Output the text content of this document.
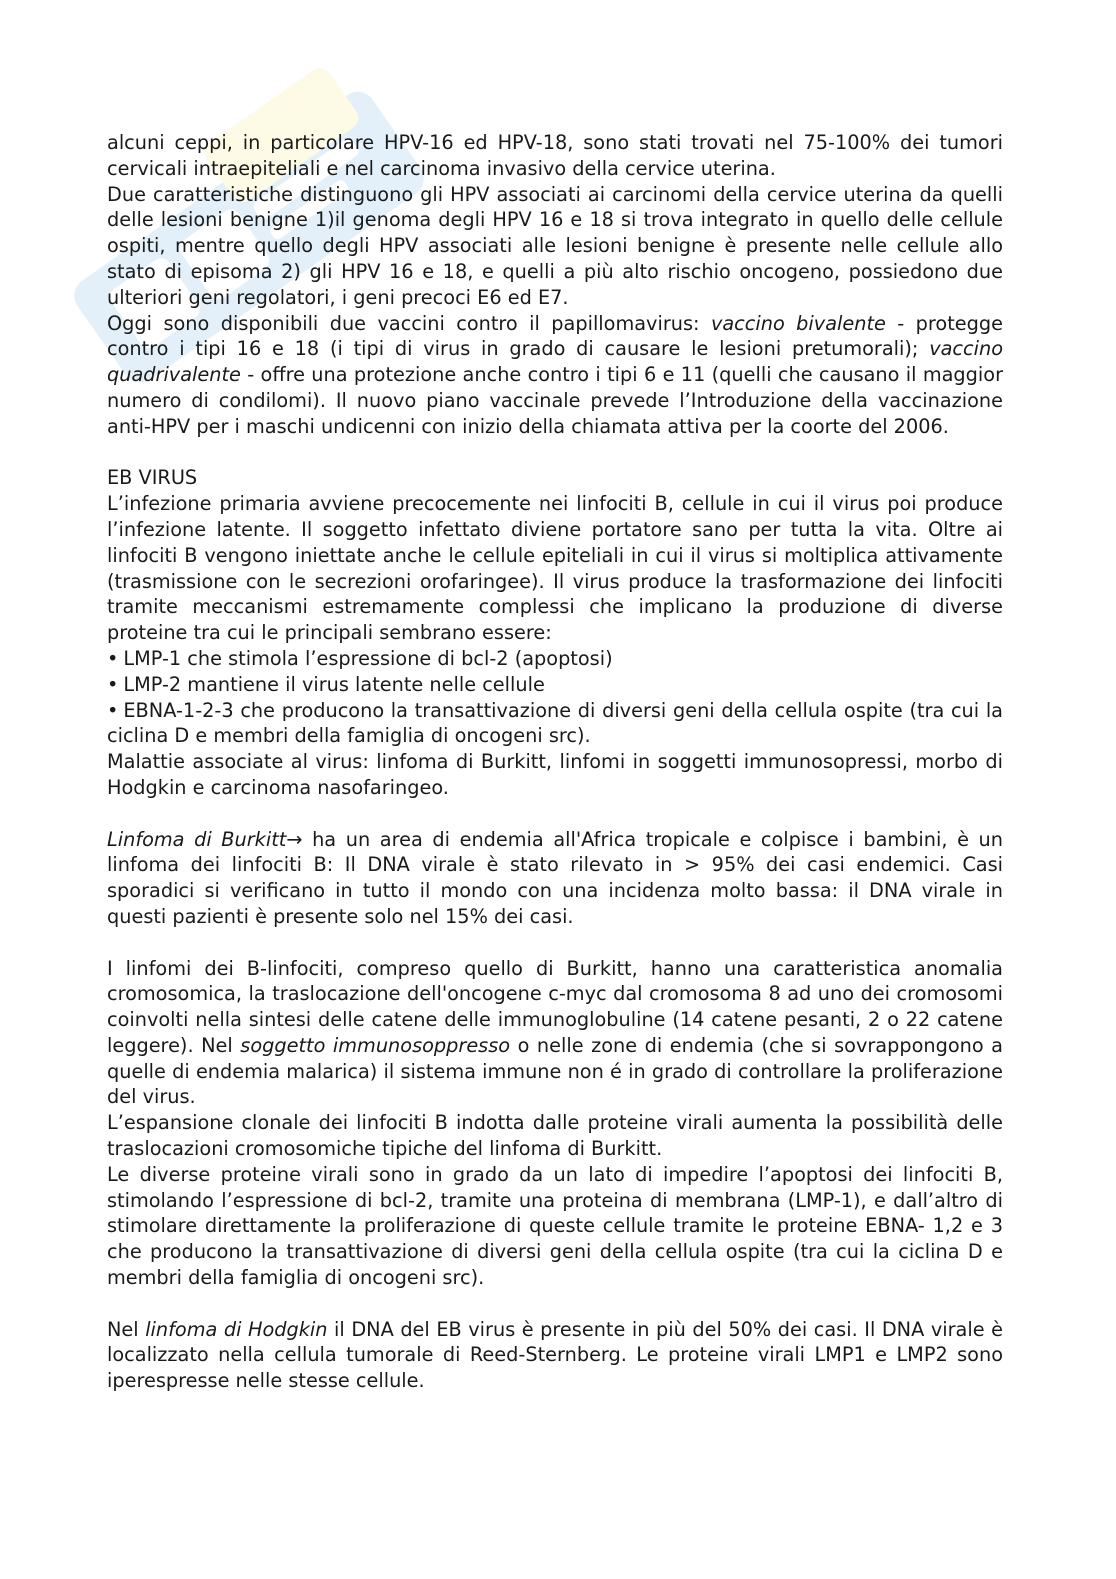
alcuni ceppi, in particolare HPV-16 ed HPV-18, sono stati trovati nel 75-100% dei tumori cervicali intraepiteliali e nel carcinoma invasivo della cervice uterina.

Due caratteristiche distinguono gli HPV associati ai carcinomi della cervice uterina da quelli delle lesioni benigne 1)il genoma degli HPV 16 e 18 si trova integrato in quello delle cellule ospiti, mentre quello degli HPV associati alle lesioni benigne è presente nelle cellule allo stato di episoma 2) gli HPV 16 e 18, e quelli a più alto rischio oncogeno, possiedono due ulteriori geni regolatori, i geni precoci E6 ed E7.

Oggi sono disponibili due vaccini contro il papillomavirus: vaccino bivalente - protegge contro i tipi 16 e 18 (i tipi di virus in grado di causare le lesioni pretumorali); vaccino quadrivalente - offre una protezione anche contro i tipi 6 e 11 (quelli che causano il maggior numero di condilomi). Il nuovo piano vaccinale prevede l’Introduzione della vaccinazione anti-HPV per i maschi undicenni con inizio della chiamata attiva per la coorte del 2006.

EB VIRUS

L’infezione primaria avviene precocemente nei linfociti B, cellule in cui il virus poi produce l’infezione latente. Il soggetto infettato diviene portatore sano per tutta la vita. Oltre ai linfociti B vengono iniettate anche le cellule epiteliali in cui il virus si moltiplica attivamente (trasmissione con le secrezioni orofaringee). Il virus produce la trasformazione dei linfociti tramite meccanismi estremamente complessi che implicano la produzione di diverse proteine tra cui le principali sembrano essere:

• LMP-1 che stimola l’espressione di bcl-2 (apoptosi)

• LMP-2 mantiene il virus latente nelle cellule

• EBNA-1-2-3 che producono la transattivazione di diversi geni della cellula ospite (tra cui la ciclina D e membri della famiglia di oncogeni src).

Malattie associate al virus: linfoma di Burkitt, linfomi in soggetti immunosopressi, morbo di Hodgkin e carcinoma nasofaringeo.

Linfoma di Burkitt→ ha un area di endemia all'Africa tropicale e colpisce i bambini, è un linfoma dei linfociti B: Il DNA virale è stato rilevato in > 95% dei casi endemici. Casi sporadici si verificano in tutto il mondo con una incidenza molto bassa: il DNA virale in questi pazienti è presente solo nel 15% dei casi.

I linfomi dei B-linfociti, compreso quello di Burkitt, hanno una caratteristica anomalia cromosomica, la traslocazione dell'oncogene c-myc dal cromosoma 8 ad uno dei cromosomi coinvolti nella sintesi delle catene delle immunoglobuline (14 catene pesanti, 2 o 22 catene leggere). Nel soggetto immunosoppresso o nelle zone di endemia (che si sovrappongono a quelle di endemia malarica) il sistema immune non é in grado di controllare la proliferazione del virus.

L’espansione clonale dei linfociti B indotta dalle proteine virali aumenta la possibilità delle traslocazioni cromosomiche tipiche del linfoma di Burkitt.

Le diverse proteine virali sono in grado da un lato di impedire l’apoptosi dei linfociti B, stimolando l’espressione di bcl-2, tramite una proteina di membrana (LMP-1), e dall’altro di stimolare direttamente la proliferazione di queste cellule tramite le proteine EBNA- 1,2 e 3 che producono la transattivazione di diversi geni della cellula ospite (tra cui la ciclina D e membri della famiglia di oncogeni src).

Nel linfoma di Hodgkin il DNA del EB virus è presente in più del 50% dei casi. Il DNA virale è localizzato nella cellula tumorale di Reed-Sternberg. Le proteine virali LMP1 e LMP2 sono iperespresse nelle stesse cellule.
